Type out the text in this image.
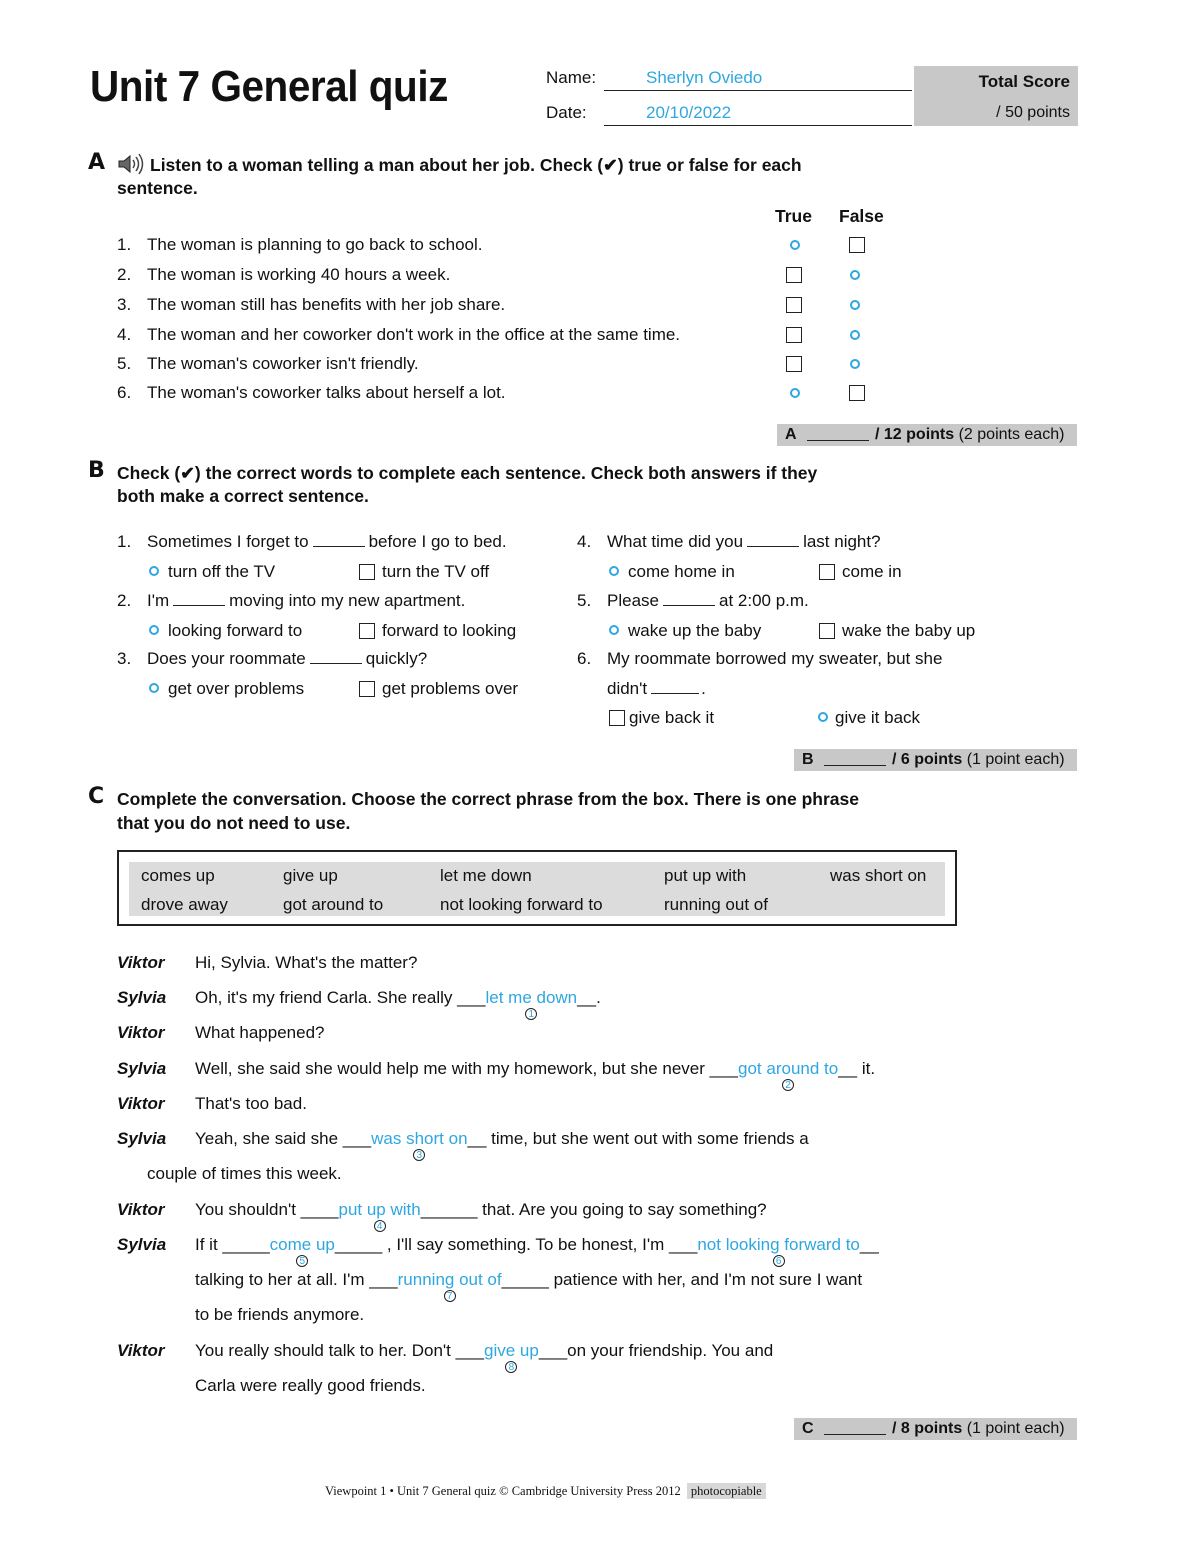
Unit 7 General quiz	Name:	Sherlyn Oviedo
Date:	20/10/2022
Total Score
/ 50 points
A	Listen to a woman telling a man about her job. Check (✔) true or false for each
sentence.
True False
1. The woman is planning to go back to school.
2. The woman is working 40 hours a week.
3. The woman still has benefits with her job share.
4. The woman and her coworker don't work in the office at the same time.
5. The woman's coworker isn't friendly.
6. The woman's coworker talks about herself a lot.
A	/ 12 points (2 points each)
B Check (✔) the correct words to complete each sentence. Check both answers if they
both make a correct sentence.
1. Sometimes I forget to	before I go to bed.
turn off the TV	turn the TV off
2. I'm	moving into my new apartment.
looking forward to	forward to looking
3. Does your roommate	quickly?
get over problems	get problems over
4. What time did you	last night?
come home in	come in
5. Please	at 2:00 p.m.
wake up the baby	wake the baby up
6. My roommate borrowed my sweater, but she
didn't	.
give back it	give it back
B	/ 6 points (1 point each)
C Complete the conversation. Choose the correct phrase from the box. There is one phrase
that you do not need to use.
comes up	give up	let me down	put up with	was short on
drove away	got around to	not looking forward to	running out of
Viktor Hi, Sylvia. What's the matter?
Sylvia Oh, it's my friend Carla. She really ___let me down
1
__.
Viktor What happened?
Sylvia Well, she said she would help me with my homework, but she never ___got around to
2
__ it.
Viktor That's too bad.
Sylvia Yeah, she said she ___was short on
3
__ time, but she went out with some friends a
couple of times this week.
Viktor You shouldn't ____put up with
4
______ that. Are you going to say something?
Sylvia If it _____come up
5
_____ , I'll say something. To be honest, I'm ___not looking forward to
6
__
talking to her at all. I'm ___running out of
7
_____ patience with her, and I'm not sure I want
to be friends anymore.
Viktor You really should talk to her. Don't ___give up
8
___on your friendship. You and
Carla were really good friends.
C	/ 8 points (1 point each)
Viewpoint 1 • Unit 7 General quiz © Cambridge University Press 2012 photocopiable
